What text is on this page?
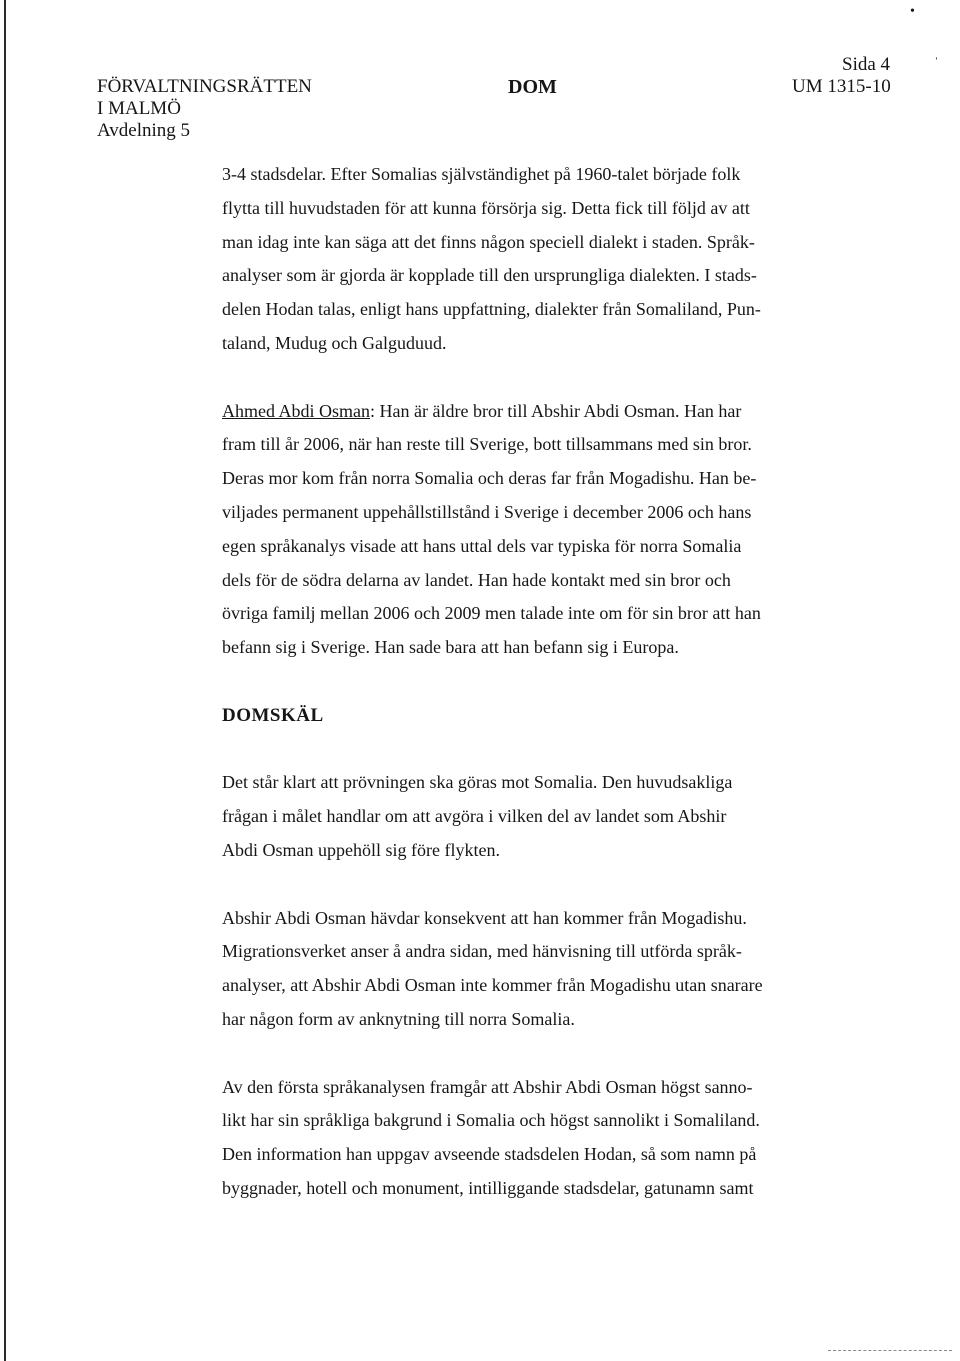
•
ˈ
FÖRVALTNINGSRÄTTEN
I MALMÖ
Avdelning 5
DOM
Sida 4
UM 1315-10

3-4 stadsdelar. Efter Somalias självständighet på 1960-talet började folk
flytta till huvudstaden för att kunna försörja sig. Detta fick till följd av att
man idag inte kan säga att det finns någon speciell dialekt i staden. Språk-
analyser som är gjorda är kopplade till den ursprungliga dialekten. I stads-
delen Hodan talas, enligt hans uppfattning, dialekter från Somaliland, Pun-
taland, Mudug och Galguduud.

Ahmed Abdi Osman: Han är äldre bror till Abshir Abdi Osman. Han har
fram till år 2006, när han reste till Sverige, bott tillsammans med sin bror.
Deras mor kom från norra Somalia och deras far från Mogadishu. Han be-
viljades permanent uppehållstillstånd i Sverige i december 2006 och hans
egen språkanalys visade att hans uttal dels var typiska för norra Somalia
dels för de södra delarna av landet. Han hade kontakt med sin bror och
övriga familj mellan 2006 och 2009 men talade inte om för sin bror att han
befann sig i Sverige. Han sade bara att han befann sig i Europa.

DOMSKÄL

Det står klart att prövningen ska göras mot Somalia. Den huvudsakliga
frågan i målet handlar om att avgöra i vilken del av landet som Abshir
Abdi Osman uppehöll sig före flykten.

Abshir Abdi Osman hävdar konsekvent att han kommer från Mogadishu.
Migrationsverket anser å andra sidan, med hänvisning till utförda språk-
analyser, att Abshir Abdi Osman inte kommer från Mogadishu utan snarare
har någon form av anknytning till norra Somalia.

Av den första språkanalysen framgår att Abshir Abdi Osman högst sanno-
likt har sin språkliga bakgrund i Somalia och högst sannolikt i Somaliland.
Den information han uppgav avseende stadsdelen Hodan, så som namn på
byggnader, hotell och monument, intilliggande stadsdelar, gatunamn samt
